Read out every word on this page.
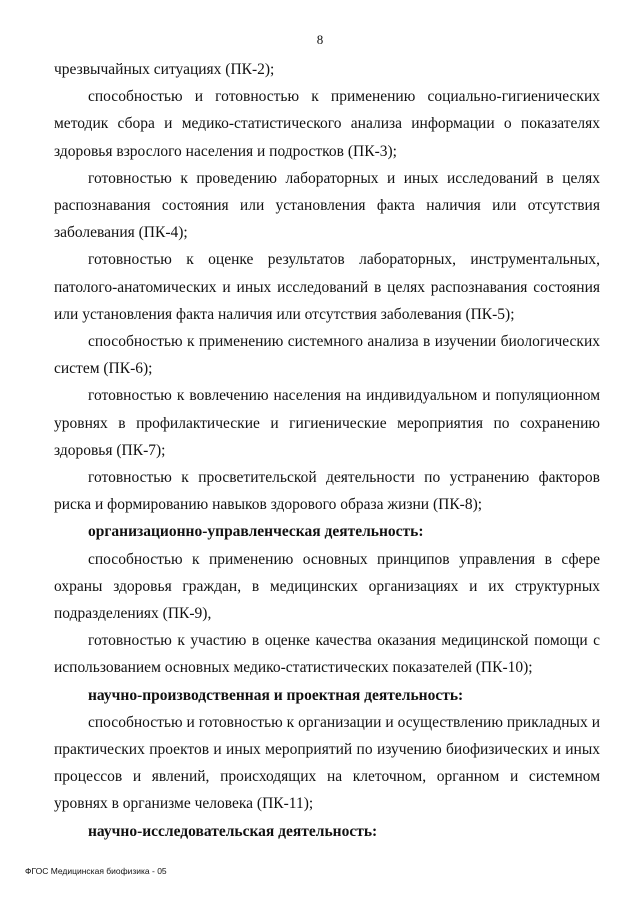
8

чрезвычайных ситуациях (ПК-2);

способностью и готовностью к применению социально-гигиенических методик сбора и медико-статистического анализа информации о показателях здоровья взрослого населения и подростков (ПК-3);

готовностью к проведению лабораторных и иных исследований в целях распознавания состояния или установления факта наличия или отсутствия заболевания (ПК-4);

готовностью к оценке результатов лабораторных, инструментальных, патолого-анатомических и иных исследований в целях распознавания состояния или установления факта наличия или отсутствия заболевания (ПК-5);

способностью к применению системного анализа в изучении биологических систем (ПК-6);

готовностью к вовлечению населения на индивидуальном и популяционном уровнях в профилактические и гигиенические мероприятия по сохранению здоровья (ПК-7);

готовностью к просветительской деятельности по устранению факторов риска и формированию навыков здорового образа жизни (ПК-8);

организационно-управленческая деятельность:

способностью к применению основных принципов управления в сфере охраны здоровья граждан, в медицинских организациях и их структурных подразделениях (ПК-9),

готовностью к участию в оценке качества оказания медицинской помощи с использованием основных медико-статистических показателей (ПК-10);

научно-производственная и проектная деятельность:

способностью и готовностью к организации и осуществлению прикладных и практических проектов и иных мероприятий по изучению биофизических и иных процессов и явлений, происходящих на клеточном, органном и системном уровнях в организме человека (ПК-11);

научно-исследовательская деятельность:

ФГОС Медицинская биофизика - 05
